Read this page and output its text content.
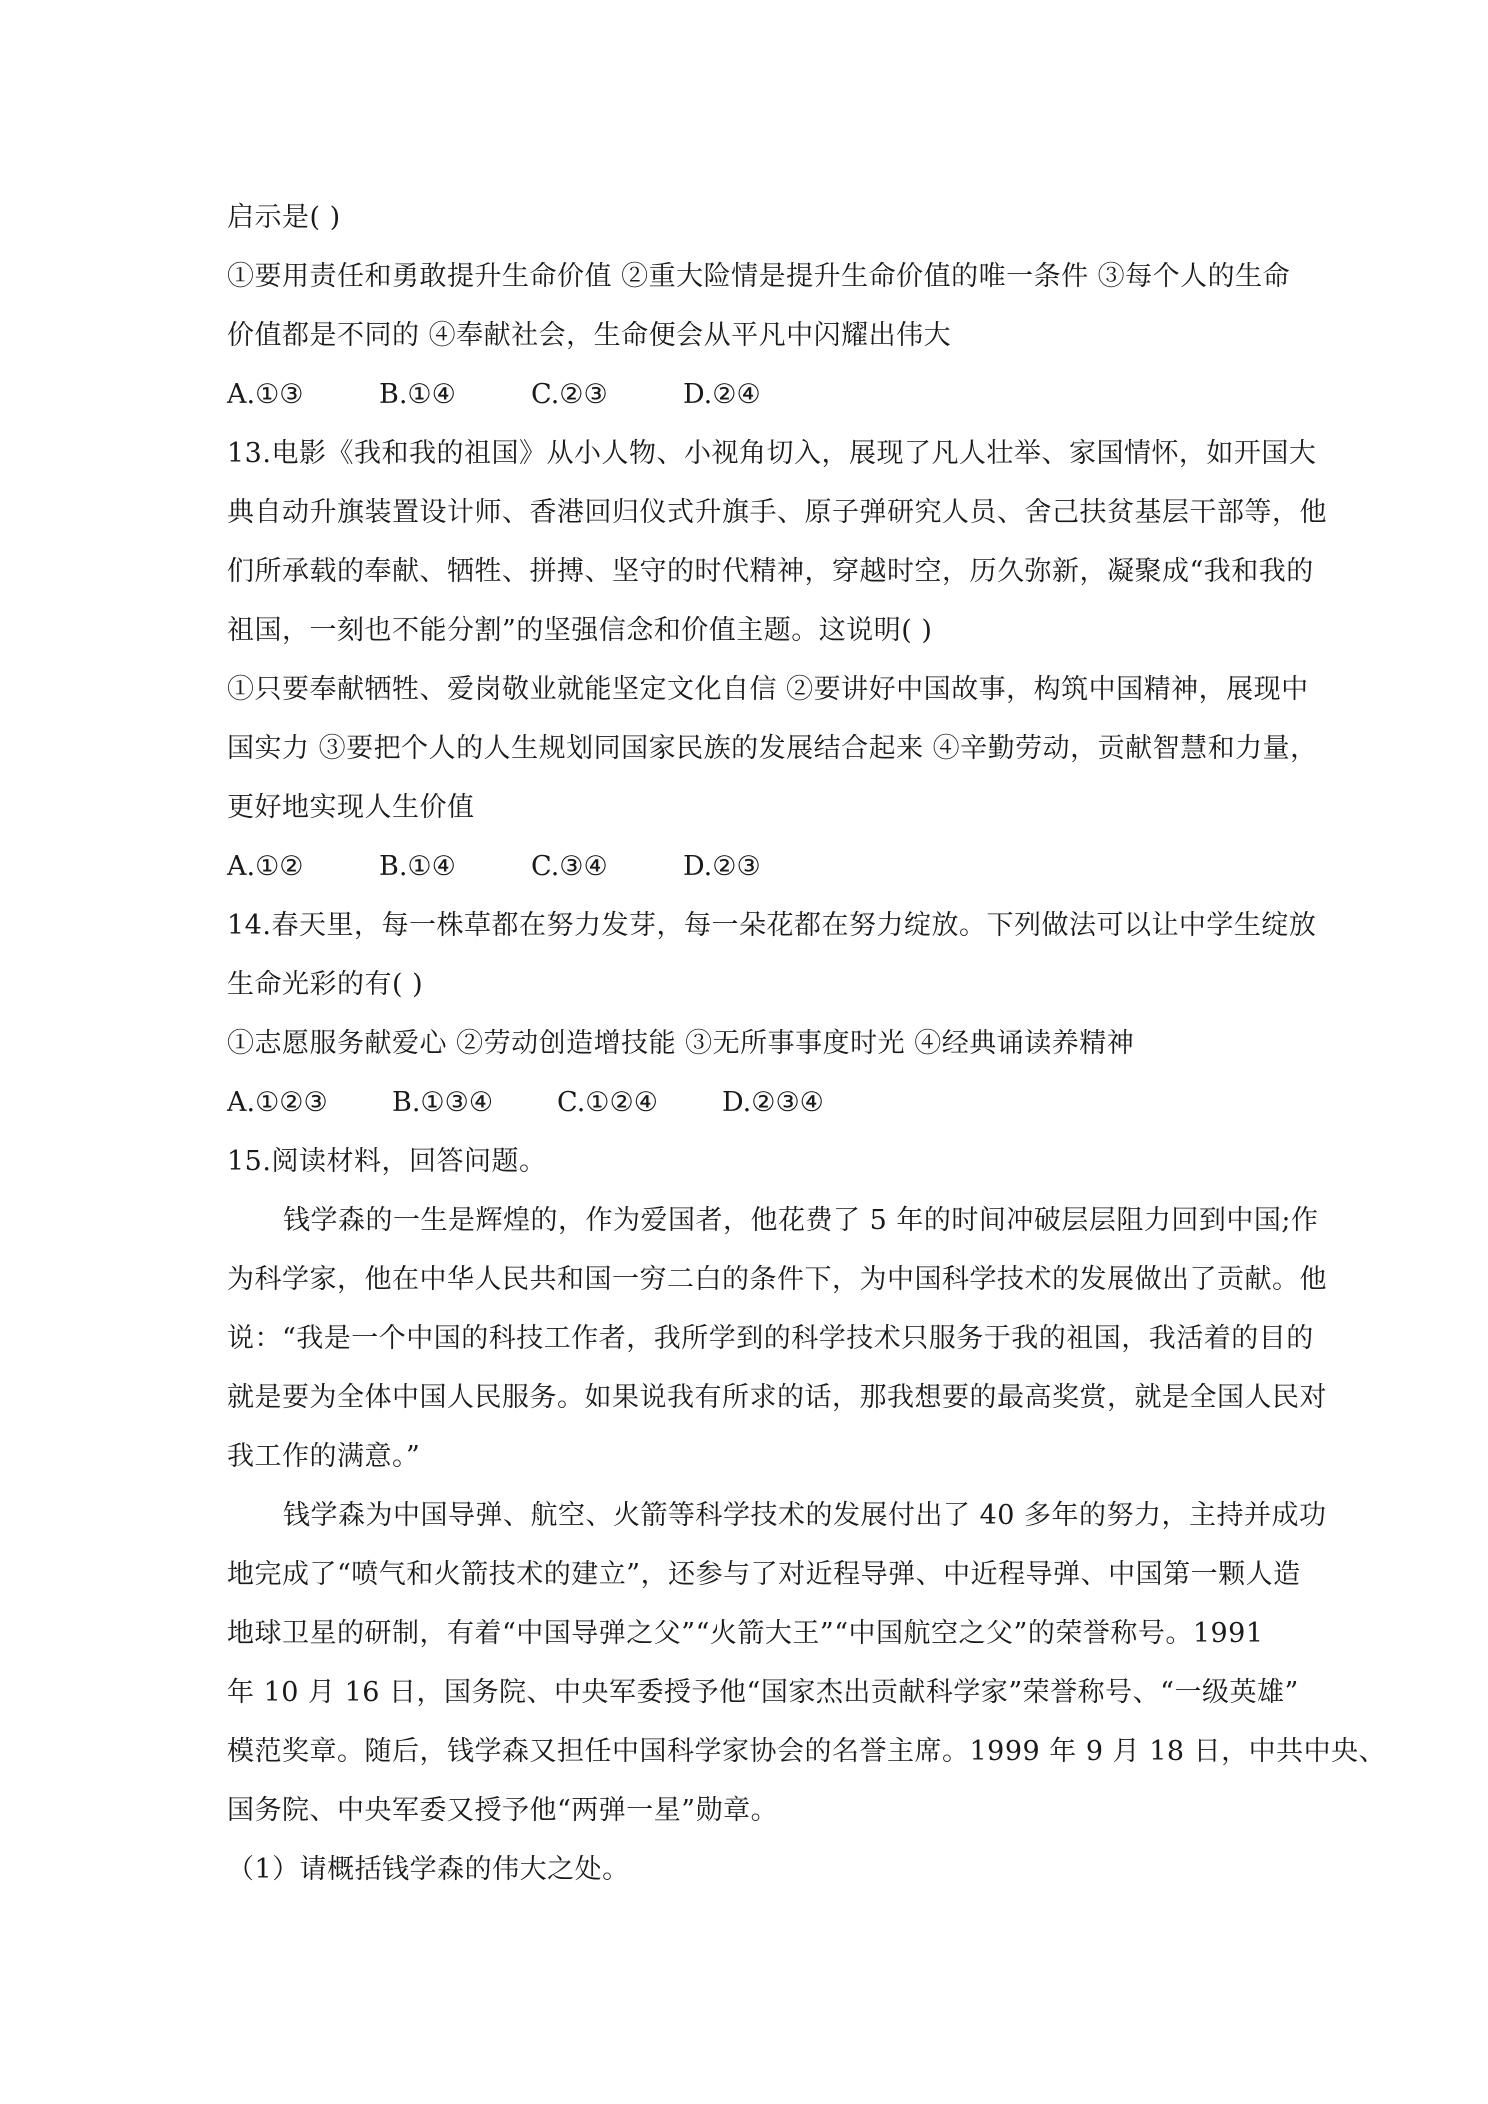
启示是( )
①要用责任和勇敢提升生命价值 ②重大险情是提升生命价值的唯一条件 ③每个人的生命
价值都是不同的 ④奉献社会，生命便会从平凡中闪耀出伟大
A.①③	B.①④	C.②③	D.②④
13.电影《我和我的祖国》从小人物、小视角切入，展现了凡人壮举、家国情怀，如开国大
典自动升旗装置设计师、香港回归仪式升旗手、原子弹研究人员、舍己扶贫基层干部等，他
们所承载的奉献、牺牲、拼搏、坚守的时代精神，穿越时空，历久弥新，凝聚成“我和我的
祖国，一刻也不能分割”的坚强信念和价值主题。这说明( )
①只要奉献牺牲、爱岗敬业就能坚定文化自信 ②要讲好中国故事，构筑中国精神，展现中
国实力 ③要把个人的人生规划同国家民族的发展结合起来 ④辛勤劳动，贡献智慧和力量，
更好地实现人生价值
A.①②	B.①④	C.③④	D.②③
14.春天里，每一株草都在努力发芽，每一朵花都在努力绽放。下列做法可以让中学生绽放
生命光彩的有( )
①志愿服务献爱心 ②劳动创造增技能 ③无所事事度时光 ④经典诵读养精神
A.①②③	B.①③④	C.①②④	D.②③④
15.阅读材料，回答问题。
钱学森的一生是辉煌的，作为爱国者，他花费了 5 年的时间冲破层层阻力回到中国;作
为科学家，他在中华人民共和国一穷二白的条件下，为中国科学技术的发展做出了贡献。他
说：“我是一个中国的科技工作者，我所学到的科学技术只服务于我的祖国，我活着的目的
就是要为全体中国人民服务。如果说我有所求的话，那我想要的最高奖赏，就是全国人民对
我工作的满意。”
钱学森为中国导弹、航空、火箭等科学技术的发展付出了 40 多年的努力，主持并成功
地完成了“喷气和火箭技术的建立”，还参与了对近程导弹、中近程导弹、中国第一颗人造
地球卫星的研制，有着“中国导弹之父”“火箭大王”“中国航空之父”的荣誉称号。1991
年 10 月 16 日，国务院、中央军委授予他“国家杰出贡献科学家”荣誉称号、“一级英雄”
模范奖章。随后，钱学森又担任中国科学家协会的名誉主席。1999 年 9 月 18 日，中共中央、
国务院、中央军委又授予他“两弹一星”勋章。
（1）请概括钱学森的伟大之处。
